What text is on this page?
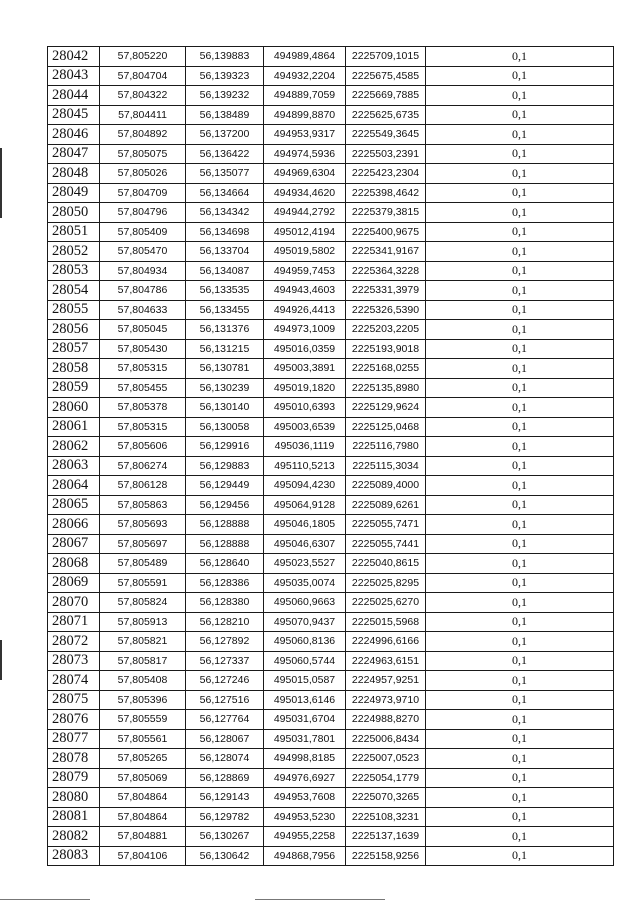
28042	57,805220	56,139883	494989,4864	2225709,1015	0,1
28043	57,804704	56,139323	494932,2204	2225675,4585	0,1
28044	57,804322	56,139232	494889,7059	2225669,7885	0,1
28045	57,804411	56,138489	494899,8870	2225625,6735	0,1
28046	57,804892	56,137200	494953,9317	2225549,3645	0,1
28047	57,805075	56,136422	494974,5936	2225503,2391	0,1
28048	57,805026	56,135077	494969,6304	2225423,2304	0,1
28049	57,804709	56,134664	494934,4620	2225398,4642	0,1
28050	57,804796	56,134342	494944,2792	2225379,3815	0,1
28051	57,805409	56,134698	495012,4194	2225400,9675	0,1
28052	57,805470	56,133704	495019,5802	2225341,9167	0,1
28053	57,804934	56,134087	494959,7453	2225364,3228	0,1
28054	57,804786	56,133535	494943,4603	2225331,3979	0,1
28055	57,804633	56,133455	494926,4413	2225326,5390	0,1
28056	57,805045	56,131376	494973,1009	2225203,2205	0,1
28057	57,805430	56,131215	495016,0359	2225193,9018	0,1
28058	57,805315	56,130781	495003,3891	2225168,0255	0,1
28059	57,805455	56,130239	495019,1820	2225135,8980	0,1
28060	57,805378	56,130140	495010,6393	2225129,9624	0,1
28061	57,805315	56,130058	495003,6539	2225125,0468	0,1
28062	57,805606	56,129916	495036,1119	2225116,7980	0,1
28063	57,806274	56,129883	495110,5213	2225115,3034	0,1
28064	57,806128	56,129449	495094,4230	2225089,4000	0,1
28065	57,805863	56,129456	495064,9128	2225089,6261	0,1
28066	57,805693	56,128888	495046,1805	2225055,7471	0,1
28067	57,805697	56,128888	495046,6307	2225055,7441	0,1
28068	57,805489	56,128640	495023,5527	2225040,8615	0,1
28069	57,805591	56,128386	495035,0074	2225025,8295	0,1
28070	57,805824	56,128380	495060,9663	2225025,6270	0,1
28071	57,805913	56,128210	495070,9437	2225015,5968	0,1
28072	57,805821	56,127892	495060,8136	2224996,6166	0,1
28073	57,805817	56,127337	495060,5744	2224963,6151	0,1
28074	57,805408	56,127246	495015,0587	2224957,9251	0,1
28075	57,805396	56,127516	495013,6146	2224973,9710	0,1
28076	57,805559	56,127764	495031,6704	2224988,8270	0,1
28077	57,805561	56,128067	495031,7801	2225006,8434	0,1
28078	57,805265	56,128074	494998,8185	2225007,0523	0,1
28079	57,805069	56,128869	494976,6927	2225054,1779	0,1
28080	57,804864	56,129143	494953,7608	2225070,3265	0,1
28081	57,804864	56,129782	494953,5230	2225108,3231	0,1
28082	57,804881	56,130267	494955,2258	2225137,1639	0,1
28083	57,804106	56,130642	494868,7956	2225158,9256	0,1
